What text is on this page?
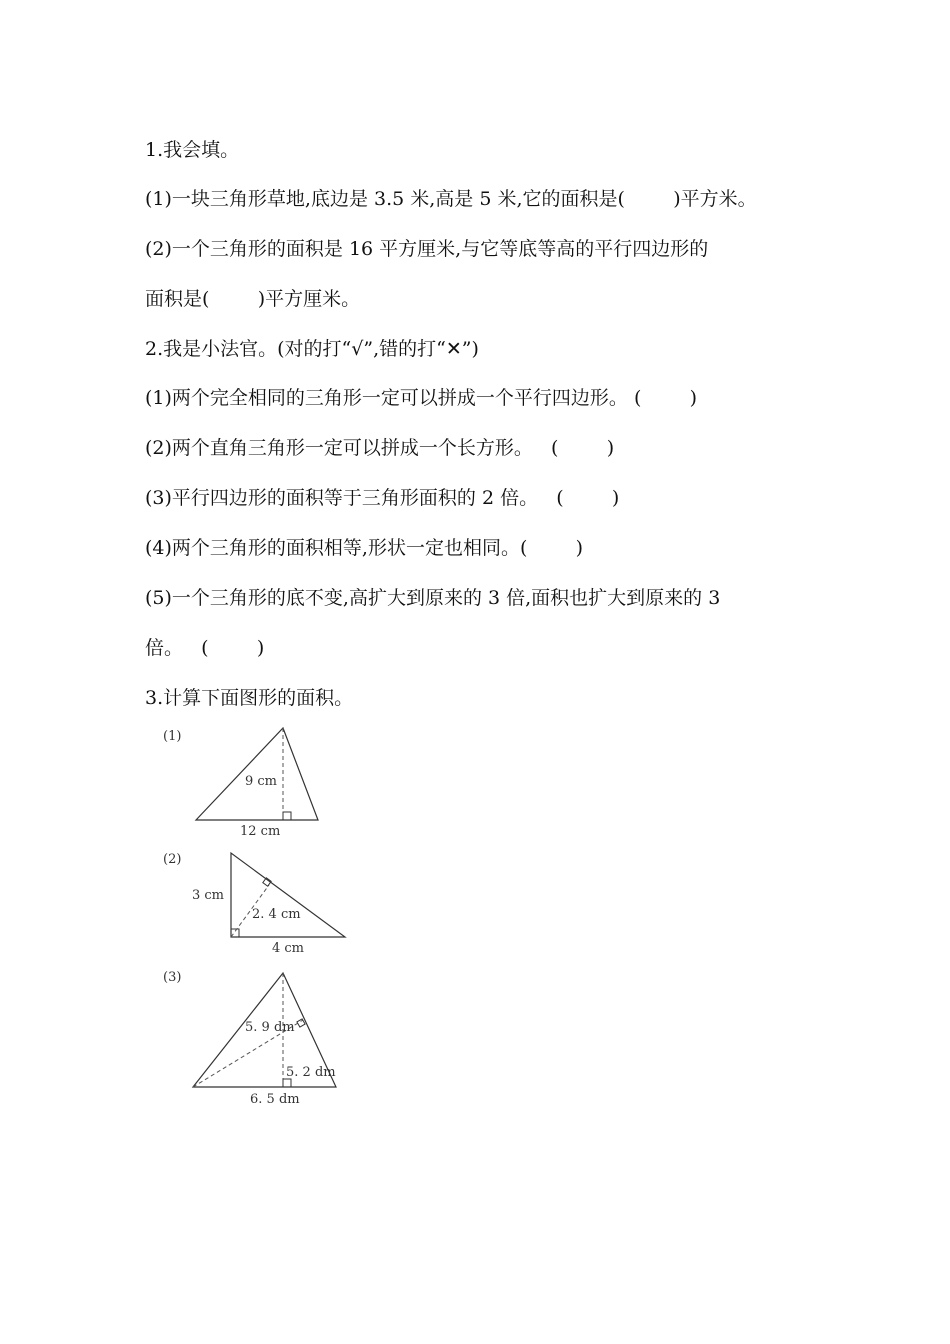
1.我会填。
(1)一块三角形草地,底边是 3.5 米,高是 5 米,它的面积是(        )平方米。
(2)一个三角形的面积是 16 平方厘米,与它等底等高的平行四边形的
面积是(        )平方厘米。
2.我是小法官。(对的打“√”,错的打“✕”)
(1)两个完全相同的三角形一定可以拼成一个平行四边形。 (        )
(2)两个直角三角形一定可以拼成一个长方形。   (        )
(3)平行四边形的面积等于三角形面积的 2 倍。   (        )
(4)两个三角形的面积相等,形状一定也相同。(        )
(5)一个三角形的底不变,高扩大到原来的 3 倍,面积也扩大到原来的 3
倍。   (        )
3.计算下面图形的面积。
(1)
9 cm
12 cm
(2)
3 cm
2. 4 cm
4 cm
(3)
5. 9 dm
5. 2 dm
6. 5 dm
